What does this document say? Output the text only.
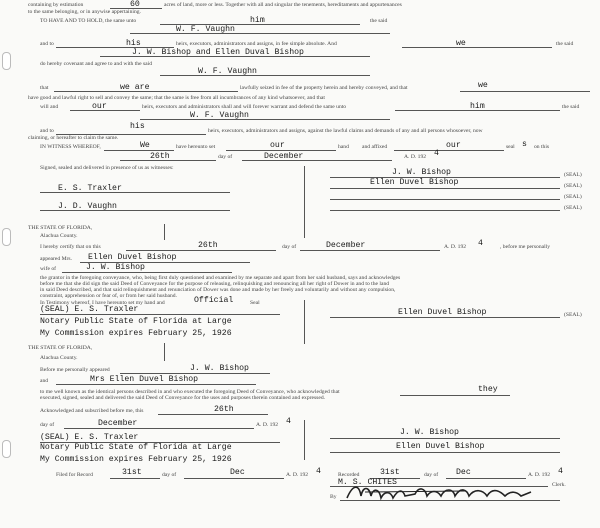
containing by estimation	60	acres of land, more or less. Together with all and singular the tenements, hereditaments and appurtenances
to the same belonging, or in anywise appertaining.
TO HAVE AND TO HOLD, the same unto	him	the said
W. F. Vaughn
and to	his	heirs, executors, administrators and assigns, in fee simple absolute. And	we	the said
J. W. Bishop and Ellen Duval Bishop
do hereby covenant and agree to and with the said
W. F. Vaughn
that	we are	lawfully seized in fee of the property herein and hereby conveyed, and that	we
have good and lawful right to sell and convey the same; that the same is free from all incumbrances of any kind whatsoever, and that
will and	our	heirs, executors and administrators shall and will forever warrant and defend the same unto	him	the said
W. F. Vaughn
and to	his	heirs, executors, administrators and assigns, against the lawful claims and demands of any and all persons whosoever, now
claiming, or hereafter to claim the same.
IN WITNESS WHEREOF,	We	have hereunto set	our	hand and affixed	our	seal s on this
26th	day of	December	A. D. 192 4
Signed, sealed and delivered in presence of us as witnesses:	J. W. Bishop	(SEAL)
Ellen Duvel Bishop	(SEAL)
(SEAL)
(SEAL)
E. S. Traxler
J. D. Vaughn
THE STATE OF FLORIDA,
Alachua County.
I hereby certify that on this	26th	day of	December	A. D. 192 4	, before me personally
appeared Mrs. Ellen Duvel Bishop
wife of	J. W. Bishop
the grantor in the foregoing conveyance, who, being first duly questioned and examined by me separate and apart from her said husband, says and acknowledges
before me that she did sign the said Deed of Conveyance for the purpose of releasing, relinquishing and renouncing all her right of Dower in and to the land
in said Deed described, and that said relinquishment and renunciation of Dower was done and made by her freely and voluntarily and without any compulsion,
constraint, apprehension or fear of, or from her said husband.
In Testimony whereof, I have hereunto set my hand and	Official	Seal
(SEAL) E. S. Traxler
Notary Public State of Florida at Large
My Commission expires February 25, 1926
Ellen Duvel Bishop	(SEAL)
THE STATE OF FLORIDA,
Alachua County.
Before me personally appeared	J. W. Bishop
and	Mrs Ellen Duvel Bishop
to me well known as the identical persons described in and who executed the foregoing Deed of Conveyance, who acknowledged that	they
executed, signed, sealed and delivered the said Deed of Conveyance for the uses and purposes therein contained and expressed.
Acknowledged and subscribed before me, this	26th
day of	December	A. D. 192 4
(SEAL) E. S. Traxler
Notary Public State of Florida at Large
My Commission expires February 25, 1926
J. W. Bishop
Ellen Duvel Bishop
Filed for Record	31st	day of	Dec	A. D. 192 4	Recorded	31st	day of Dec	A. D. 192 4
M. S. CHITES	Clerk.
By
